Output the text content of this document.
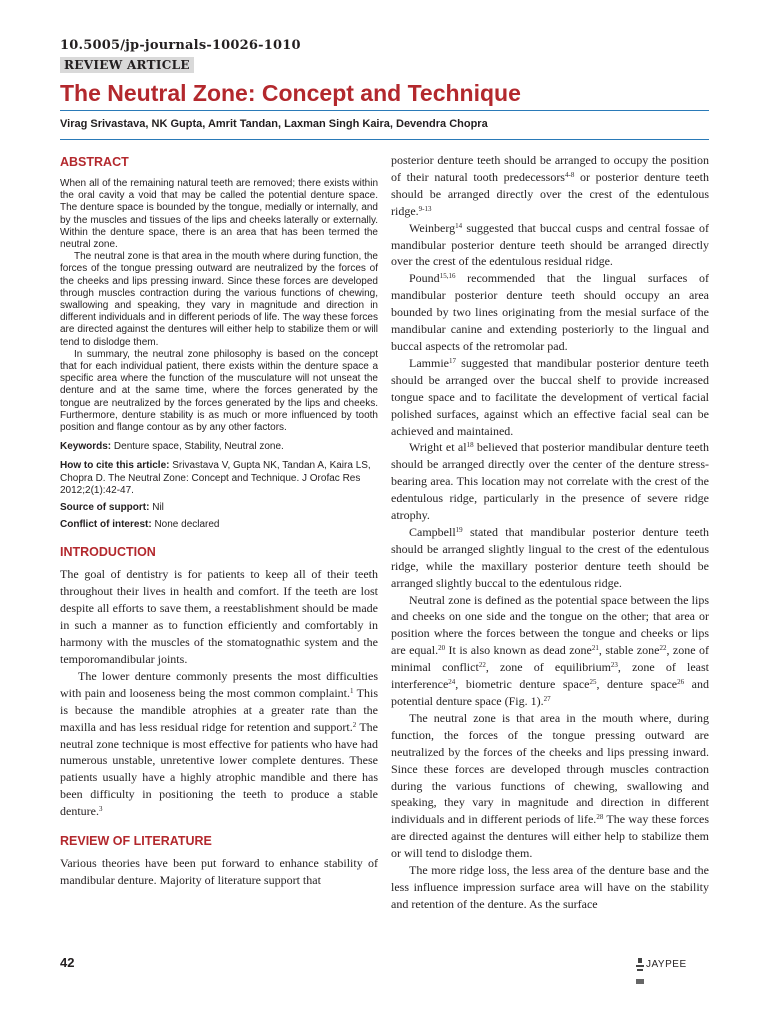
10.5005/jp-journals-10026-1010
REVIEW ARTICLE
The Neutral Zone: Concept and Technique
Virag Srivastava, NK Gupta, Amrit Tandan, Laxman Singh Kaira, Devendra Chopra
ABSTRACT

When all of the remaining natural teeth are removed; there exists within the oral cavity a void that may be called the potential denture space. The denture space is bounded by the tongue, medially or internally, and by the muscles and tissues of the lips and cheeks laterally or externally. Within the denture space, there is an area that has been termed the neutral zone.

The neutral zone is that area in the mouth where during function, the forces of the tongue pressing outward are neutralized by the forces of the cheeks and lips pressing inward. Since these forces are developed through muscles contraction during the various functions of chewing, swallowing and speaking, they vary in magnitude and direction in different individuals and in different periods of life. The way these forces are directed against the dentures will either help to stabilize them or will tend to dislodge them.

In summary, the neutral zone philosophy is based on the concept that for each individual patient, there exists within the denture space a specific area where the function of the musculature will not unseat the denture and at the same time, where the forces generated by the tongue are neutralized by the forces generated by the lips and cheeks. Furthermore, denture stability is as much or more influenced by tooth position and flange contour as by any other factors.

Keywords: Denture space, Stability, Neutral zone.

How to cite this article: Srivastava V, Gupta NK, Tandan A, Kaira LS, Chopra D. The Neutral Zone: Concept and Technique. J Orofac Res 2012;2(1):42-47.

Source of support: Nil

Conflict of interest: None declared

INTRODUCTION

The goal of dentistry is for patients to keep all of their teeth throughout their lives in health and comfort. If the teeth are lost despite all efforts to save them, a reestablishment should be made in such a manner as to function efficiently and comfortably in harmony with the muscles of the stomatognathic system and the temporomandibular joints.

The lower denture commonly presents the most difficulties with pain and looseness being the most common complaint.$^1$ This is because the mandible atrophies at a greater rate than the maxilla and has less residual ridge for retention and support.$^2$ The neutral zone technique is most effective for patients who have had numerous unstable, unretentive lower complete dentures. These patients usually have a highly atrophic mandible and there has been difficulty in positioning the teeth to produce a stable denture.$^3$

REVIEW OF LITERATURE

Various theories have been put forward to enhance stability of mandibular denture. Majority of literature support that

posterior denture teeth should be arranged to occupy the position of their natural tooth predecessors$^{4-8}$ or posterior denture teeth should be arranged directly over the crest of the edentulous ridge.$^{9-13}$

Weinberg$^{14}$ suggested that buccal cusps and central fossae of mandibular posterior denture teeth should be arranged directly over the crest of the edentulous residual ridge.

Pound$^{15,16}$ recommended that the lingual surfaces of mandibular posterior denture teeth should occupy an area bounded by two lines originating from the mesial surface of the mandibular canine and extending posteriorly to the lingual and buccal aspects of the retromolar pad.

Lammie$^{17}$ suggested that mandibular posterior denture teeth should be arranged over the buccal shelf to provide increased tongue space and to facilitate the development of vertical facial polished surfaces, against which an effective facial seal can be achieved and maintained.

Wright et $al^{18}$ believed that posterior mandibular denture teeth should be arranged directly over the center of the denture stress-bearing area. This location may not correlate with the crest of the edentulous ridge, particularly in the presence of severe ridge atrophy.

Campbell$^{19}$ stated that mandibular posterior denture teeth should be arranged slightly lingual to the crest of the edentulous ridge, while the maxillary posterior denture teeth should be arranged slightly buccal to the edentulous ridge.

Neutral zone is defined as the potential space between the lips and cheeks on one side and the tongue on the other; that area or position where the forces between the tongue and cheeks or lips are equal.$^{20}$ It is also known as dead zone$^{21}$, stable zone$^{22}$, zone of minimal conflict$^{22}$, zone of equilibrium$^{23}$, zone of least interference$^{24}$, biometric denture space$^{25}$, denture space$^{26}$ and potential denture space (Fig. 1).$^{27}$

The neutral zone is that area in the mouth where, during function, the forces of the tongue pressing outward are neutralized by the forces of the cheeks and lips pressing inward. Since these forces are developed through muscles contraction during the various functions of chewing, swallowing and speaking, they vary in magnitude and direction in different individuals and in different periods of life.$^{28}$ The way these forces are directed against the dentures will either help to stabilize them or will tend to dislodge them.

The more ridge loss, the less area of the denture base and the less influence impression surface area will have on the stability and retention of the denture. As the surface

42	JAYPEE
